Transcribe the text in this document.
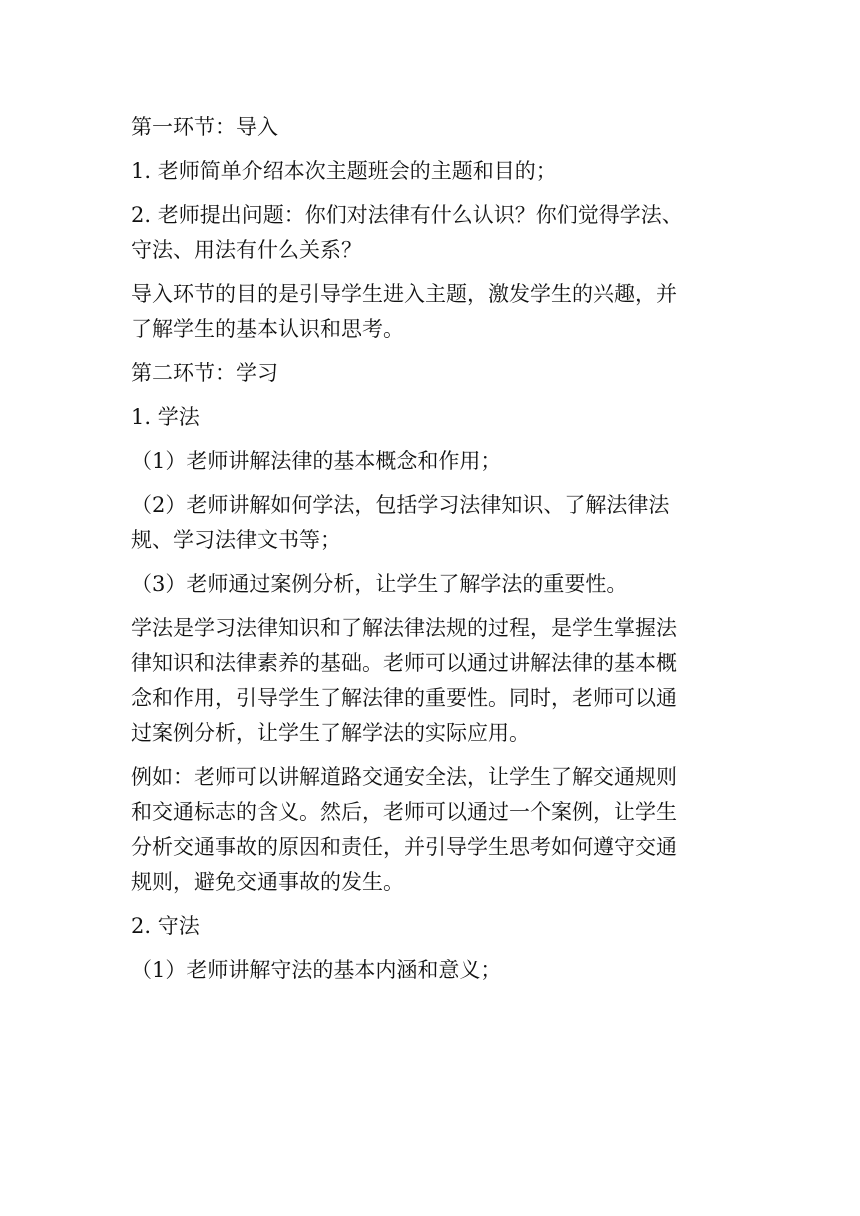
第一环节：导入

1. 老师简单介绍本次主题班会的主题和目的；

2. 老师提出问题：你们对法律有什么认识？你们觉得学法、

守法、用法有什么关系？

导入环节的目的是引导学生进入主题，激发学生的兴趣，并

了解学生的基本认识和思考。

第二环节：学习

1. 学法

（1）老师讲解法律的基本概念和作用；

（2）老师讲解如何学法，包括学习法律知识、了解法律法

规、学习法律文书等；

（3）老师通过案例分析，让学生了解学法的重要性。

学法是学习法律知识和了解法律法规的过程，是学生掌握法

律知识和法律素养的基础。老师可以通过讲解法律的基本概

念和作用，引导学生了解法律的重要性。同时，老师可以通

过案例分析，让学生了解学法的实际应用。

例如：老师可以讲解道路交通安全法，让学生了解交通规则

和交通标志的含义。然后，老师可以通过一个案例，让学生

分析交通事故的原因和责任，并引导学生思考如何遵守交通

规则，避免交通事故的发生。

2. 守法

（1）老师讲解守法的基本内涵和意义；
